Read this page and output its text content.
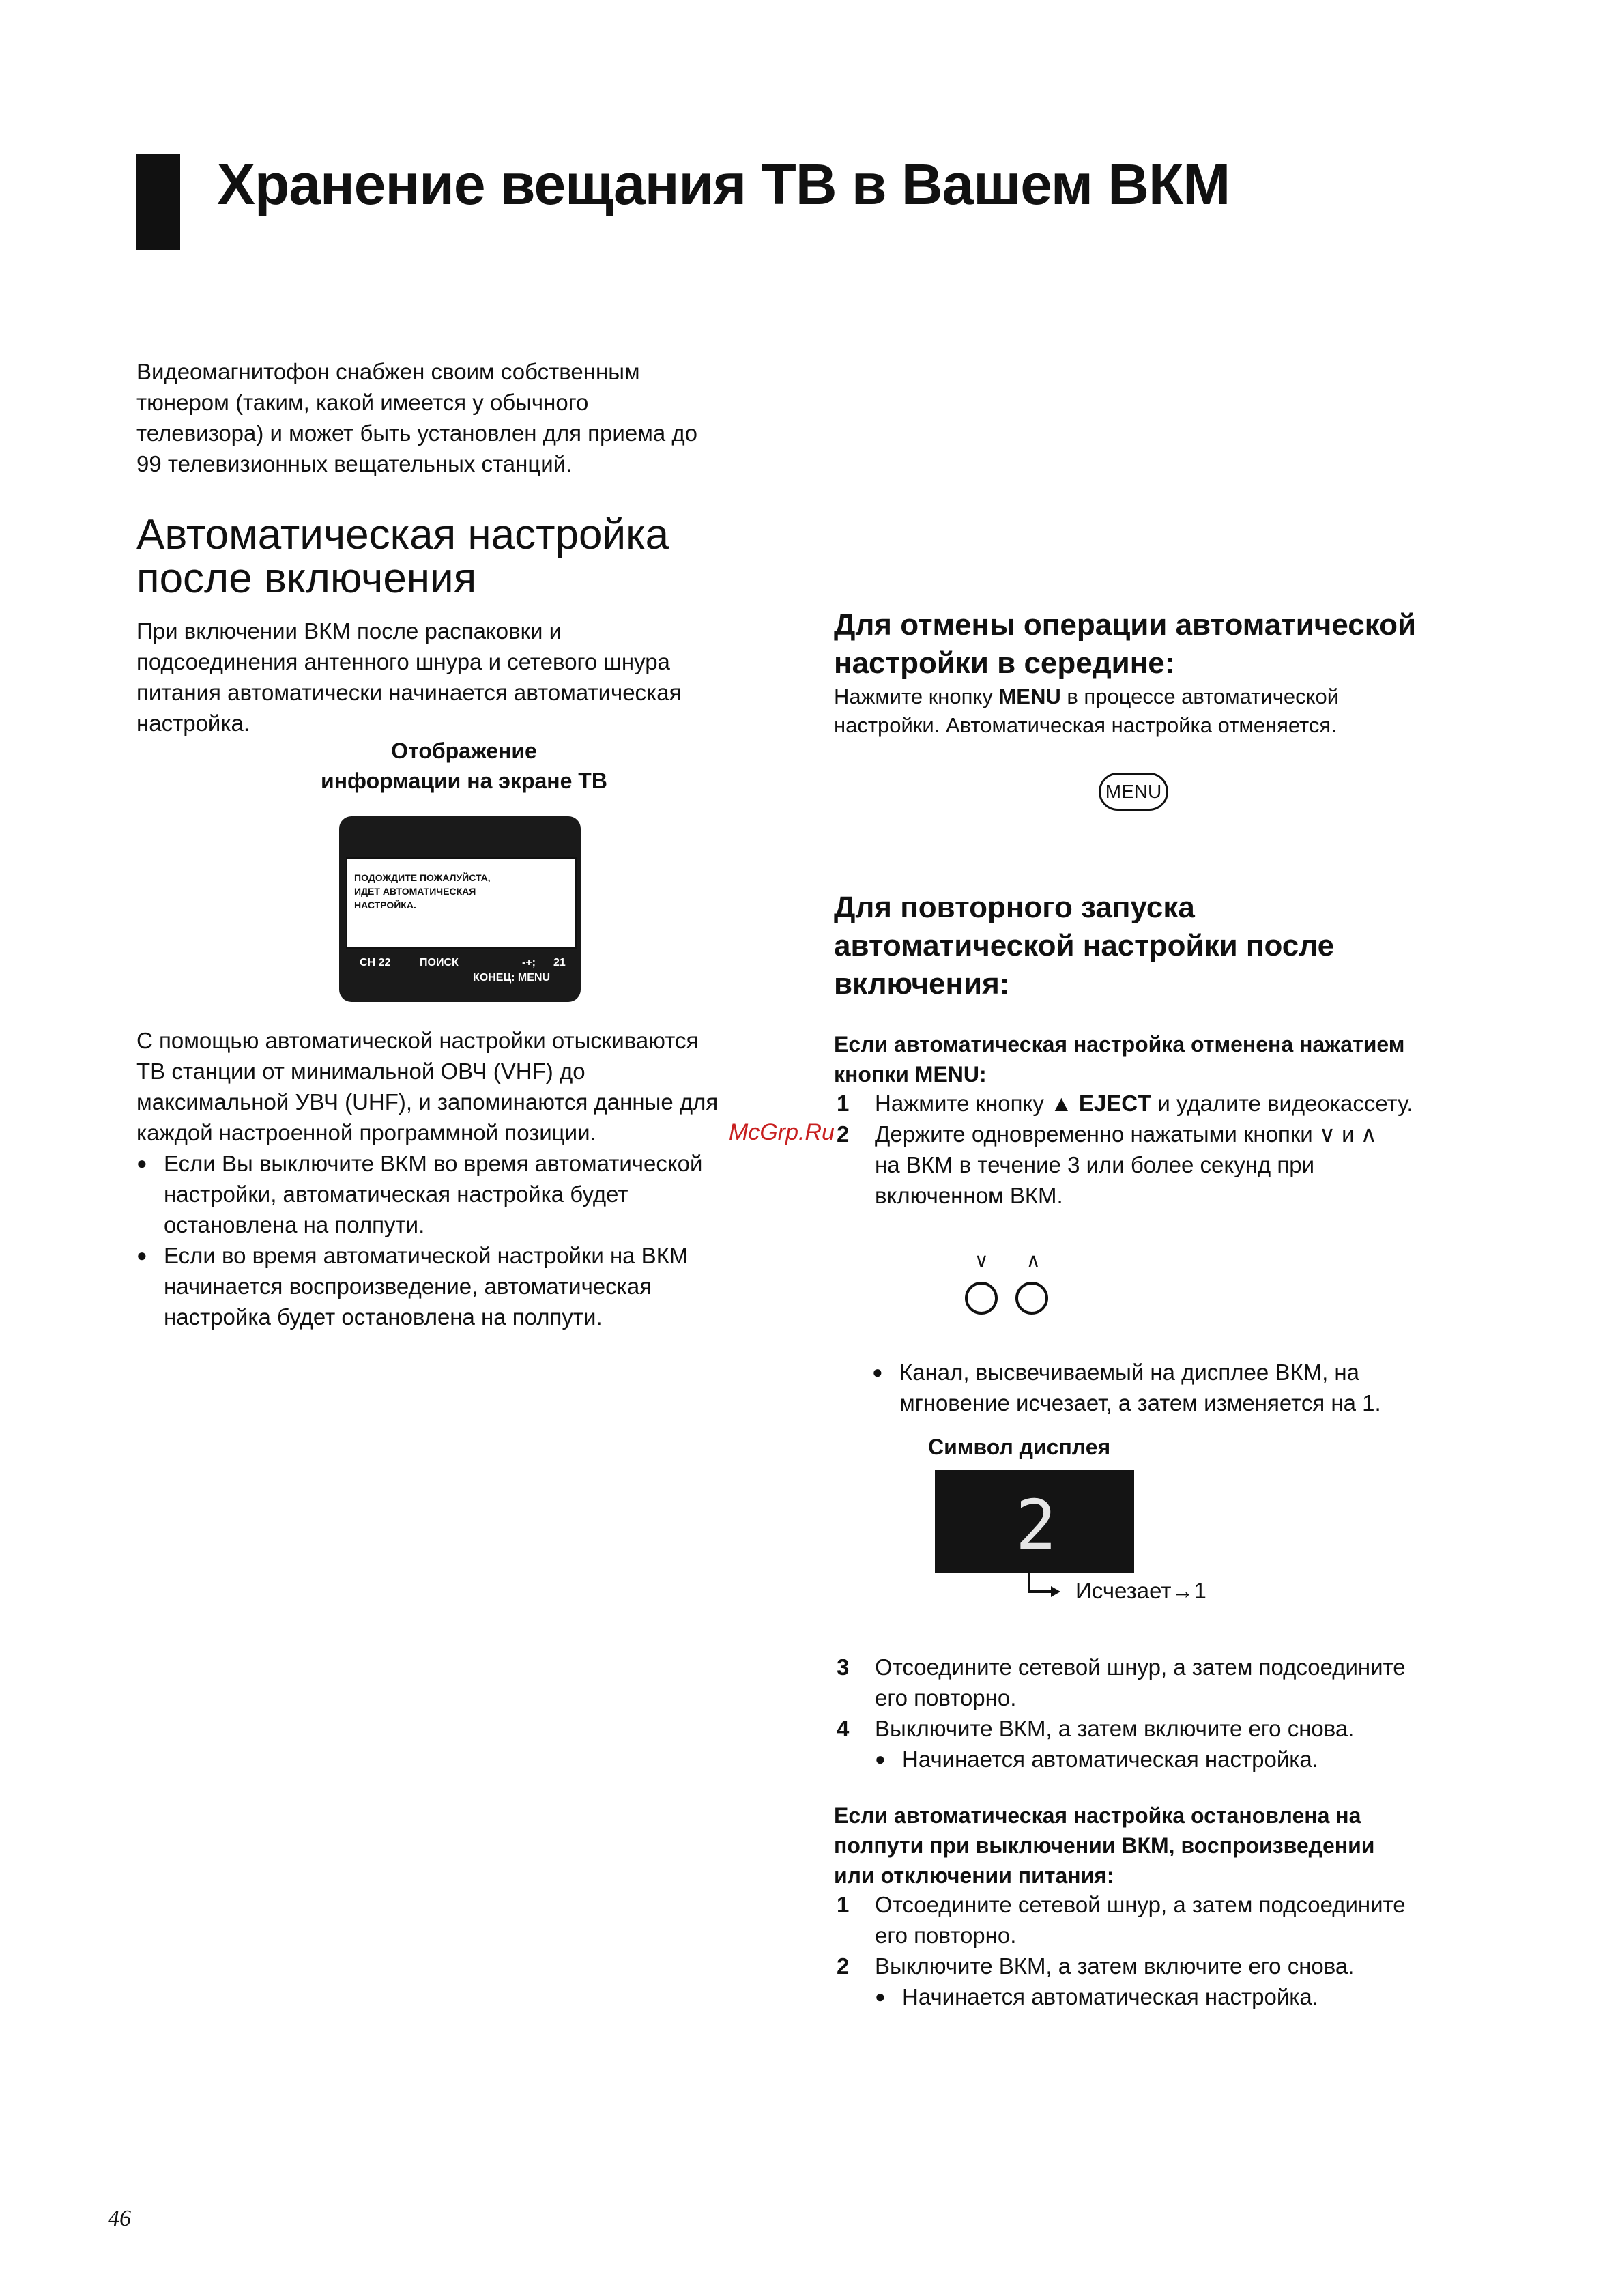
Хранение вещания ТВ в Вашем ВКМ
Видеомагнитофон снабжен своим собственным
тюнером (таким, какой имеется у обычного
телевизора) и может быть установлен для приема до
99 телевизионных вещательных станций.
Автоматическая настройка
после включения
При включении ВКМ после распаковки и
подсоединения антенного шнура и сетевого шнура
питания автоматически начинается автоматическая
настройка.
Отображение
информации на экране ТВ
ПОДОЖДИТЕ ПОЖАЛУЙСТА,
ИДЕТ АВТОМАТИЧЕСКАЯ
НАСТРОЙКА.
CH 22	ПОИСК	-+; 21
КОНЕЦ: MENU
С помощью автоматической настройки отыскиваются
ТВ станции от минимальной ОВЧ (VHF) до
максимальной УВЧ (UHF), и запоминаются данные для
каждой настроенной программной позиции.
● Если Вы выключите ВКМ во время автоматической
настройки, автоматическая настройка будет
остановлена на полпути.
● Если во время автоматической настройки на ВКМ
начинается воспроизведение, автоматическая
настройка будет остановлена на полпути.
Для отмены операции автоматической
настройки в середине:
Нажмите кнопку MENU в процессе автоматической
настройки. Автоматическая настройка отменяется.
MENU
McGrp.Ru
Для повторного запуска
автоматической настройки после
включения:
Если автоматическая настройка отменена нажатием
кнопки MENU:
1 Нажмите кнопку ▲ EJECT и удалите видеокассету.
2 Держите одновременно нажатыми кнопки ∨ и ∧
на ВКМ в течение 3 или более секунд при
включенном ВКМ.
∨ ∧
● Канал, высвечиваемый на дисплее ВКМ, на
мгновение исчезает, а затем изменяется на 1.
Символ дисплея
2
Исчезает→1
3 Отсоедините сетевой шнур, а затем подсоедините
его повторно.
4 Выключите ВКМ, а затем включите его снова.
● Начинается автоматическая настройка.
Если автоматическая настройка остановлена на
полпути при выключении ВКМ, воспроизведении
или отключении питания:
1 Отсоедините сетевой шнур, а затем подсоедините
его повторно.
2 Выключите ВКМ, а затем включите его снова.
● Начинается автоматическая настройка.
46
